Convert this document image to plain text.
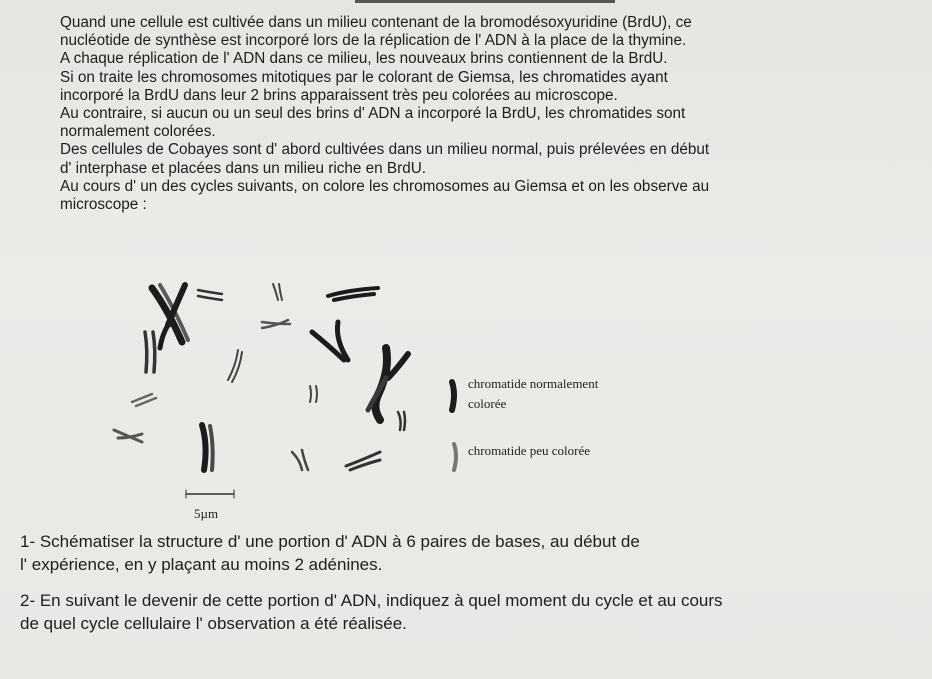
Quand une cellule est cultivée dans un milieu contenant de la bromodésoxyuridine (BrdU), ce

nucléotide de synthèse est incorporé lors de la réplication de l' ADN à la place de la thymine.

A chaque réplication de l' ADN dans ce milieu, les nouveaux brins contiennent de la BrdU.

Si on traite les chromosomes mitotiques par le colorant de Giemsa, les chromatides ayant

incorporé la BrdU dans leur 2 brins apparaissent très peu colorées au microscope.

Au contraire, si aucun ou un seul des brins d' ADN a incorporé la BrdU, les chromatides sont

normalement colorées.

Des cellules de Cobayes sont d' abord cultivées dans un milieu normal, puis prélevées en début

d' interphase et placées dans un milieu riche en BrdU.

Au cours d' un des cycles suivants, on colore les chromosomes au Giemsa et on les observe au

microscope :

chromatide normalement
colorée
chromatide peu colorée
5µm

1- Schématiser la structure d' une portion d' ADN à 6 paires de bases, au début de

l' expérience, en y plaçant au moins 2 adénines.

2- En suivant le devenir de cette portion d' ADN, indiquez à quel moment du cycle et au cours

de quel cycle cellulaire l' observation a été réalisée.
